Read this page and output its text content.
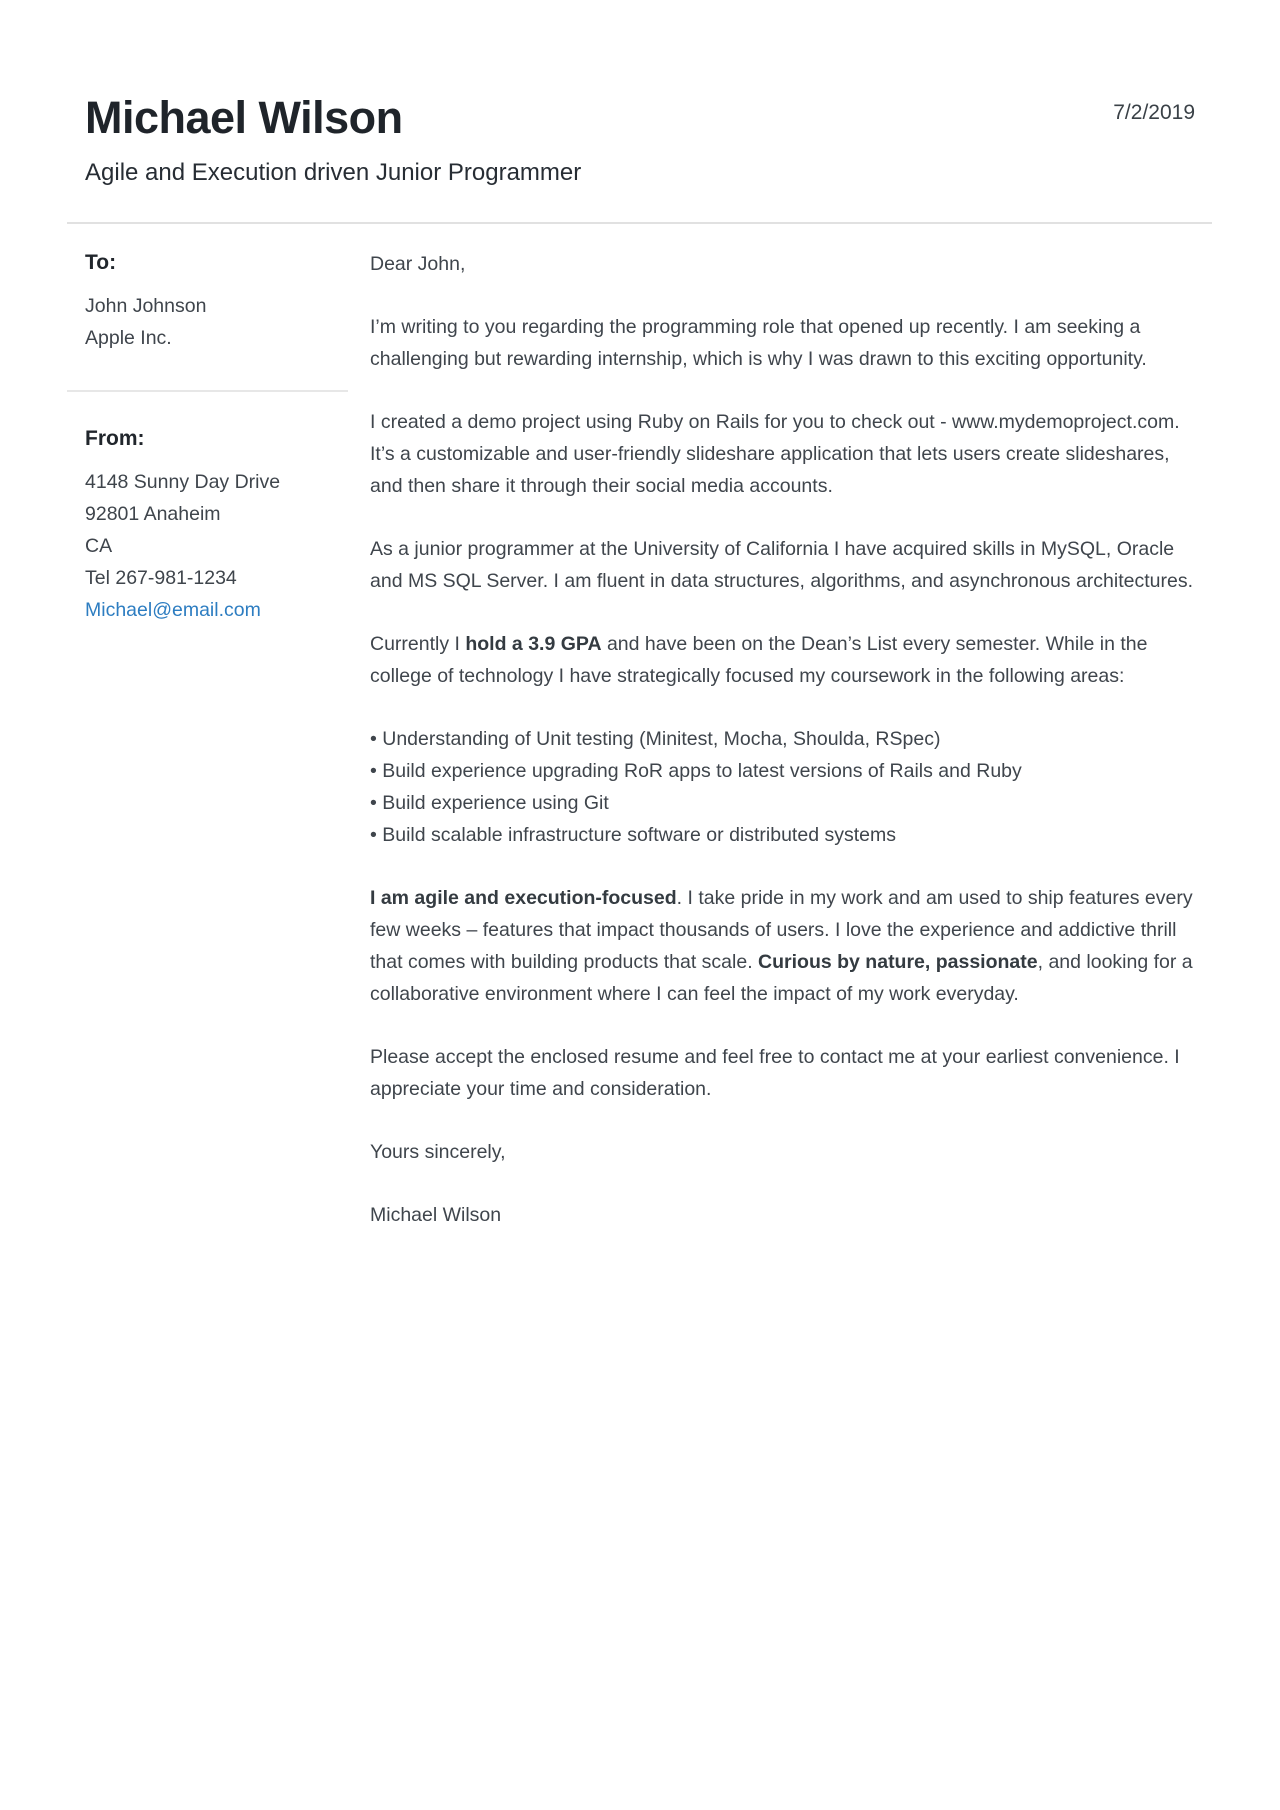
Michael Wilson	7/2/2019

Agile and Execution driven Junior Programmer

To:
John Johnson
Apple Inc.
From:
4148 Sunny Day Drive
92801 Anaheim
CA
Tel 267-981-1234
Michael@email.com

Dear John,

I’m writing to you regarding the programming role that opened up recently. I am seeking a challenging but rewarding internship, which is why I was drawn to this exciting opportunity.

I created a demo project using Ruby on Rails for you to check out - www.mydemoproject.com. It’s a customizable and user-friendly slideshare application that lets users create slideshares, and then share it through their social media accounts.

As a junior programmer at the University of California I have acquired skills in MySQL, Oracle and MS SQL Server. I am fluent in data structures, algorithms, and asynchronous architectures.

Currently I hold a 3.9 GPA and have been on the Dean’s List every semester. While in the college of technology I have strategically focused my coursework in the following areas:

• Understanding of Unit testing (Minitest, Mocha, Shoulda, RSpec)
• Build experience upgrading RoR apps to latest versions of Rails and Ruby
• Build experience using Git
• Build scalable infrastructure software or distributed systems

I am agile and execution-focused. I take pride in my work and am used to ship features every few weeks – features that impact thousands of users. I love the experience and addictive thrill that comes with building products that scale. Curious by nature, passionate, and looking for a collaborative environment where I can feel the impact of my work everyday.

Please accept the enclosed resume and feel free to contact me at your earliest convenience. I appreciate your time and consideration.

Yours sincerely,

Michael Wilson
